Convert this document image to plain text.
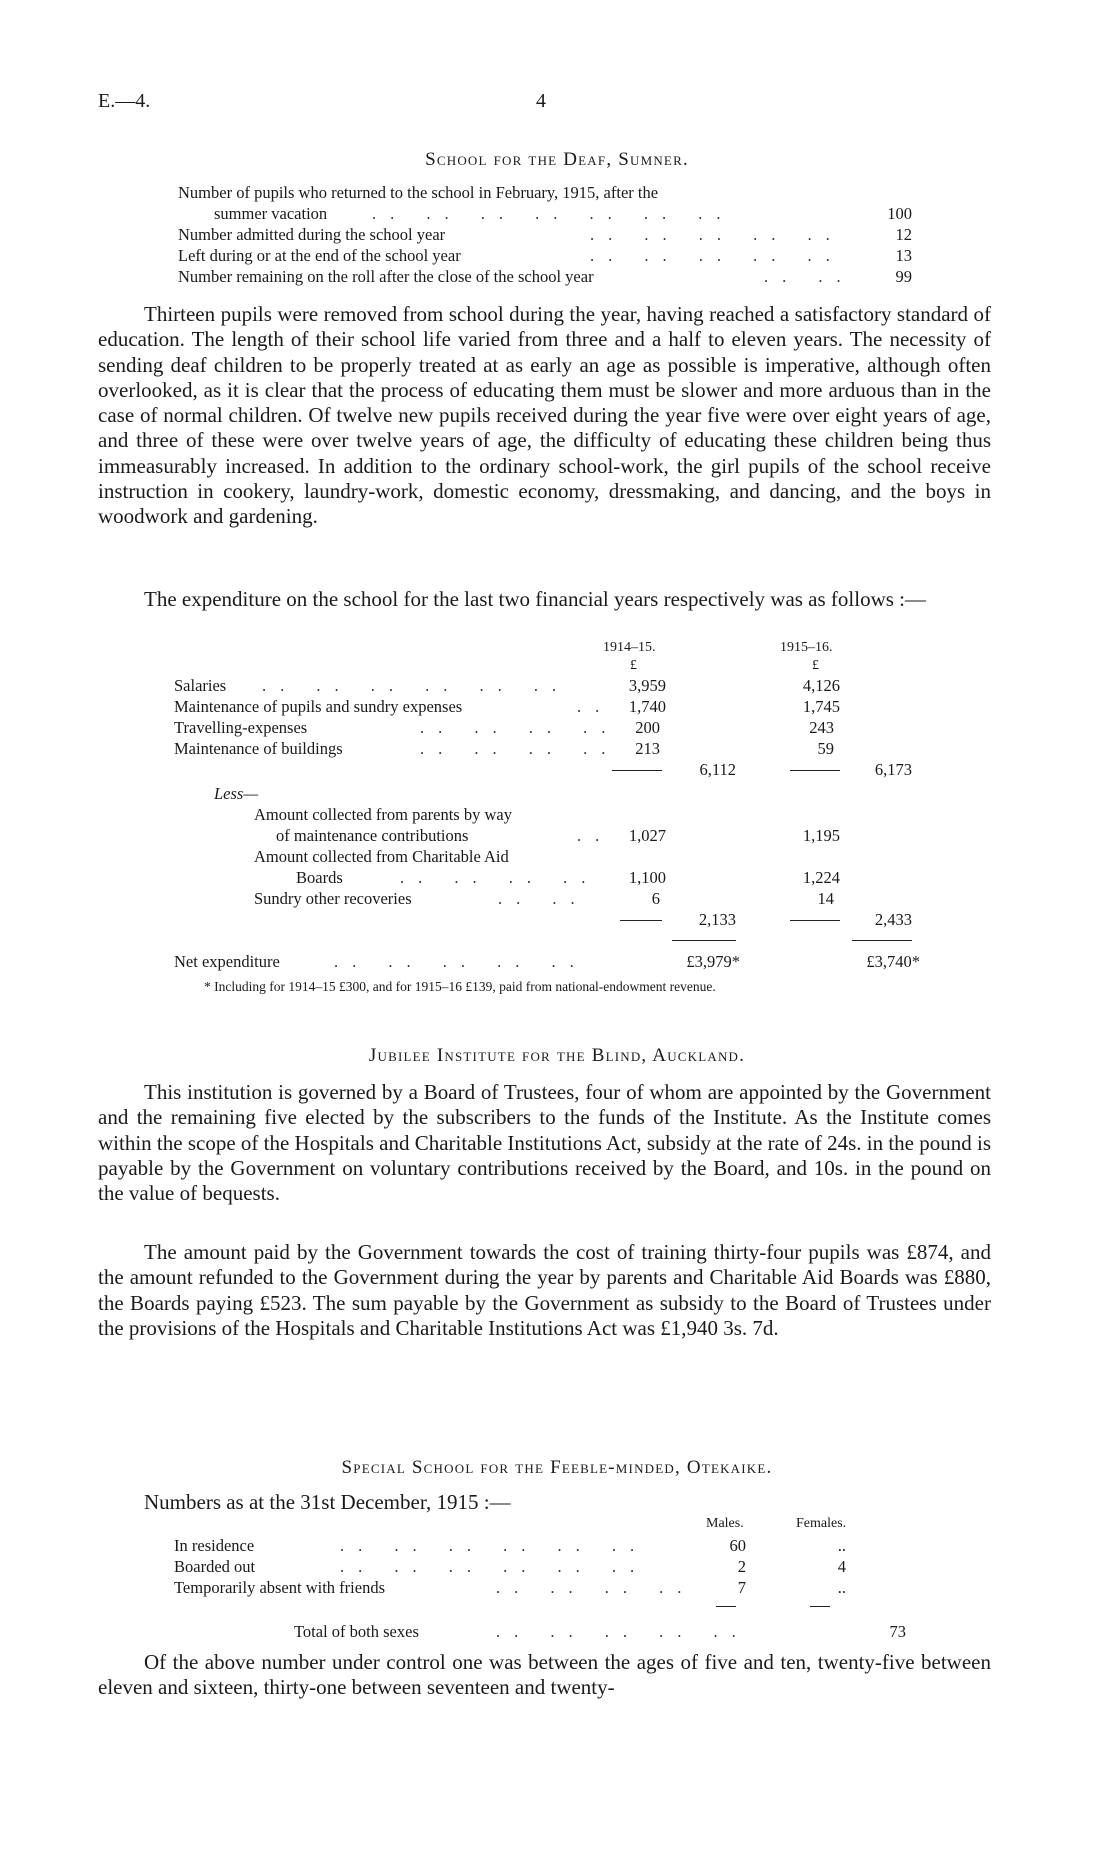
E.—4.	4
School for the Deaf, Sumner.
Number of pupils who returned to the school in February, 1915, after the
summer vacation	.. .. .. .. .. .. ..	100
Number admitted during the school year	.. .. .. .. ..	12
Left during or at the end of the school year	.. .. .. .. ..	13
Number remaining on the roll after the close of the school year	.. ..	99

Thirteen pupils were removed from school during the year, having reached a satisfactory standard of education. The length of their school life varied from three and a half to eleven years. The necessity of sending deaf children to be properly treated at as early an age as possible is imperative, although often overlooked, as it is clear that the process of educating them must be slower and more arduous than in the case of normal children. Of twelve new pupils received during the year five were over eight years of age, and three of these were over twelve years of age, the difficulty of educating these children being thus immeasurably increased. In addition to the ordinary school-work, the girl pupils of the school receive instruction in cookery, laundry-work, domestic economy, dressmaking, and dancing, and the boys in woodwork and gardening.

The expenditure on the school for the last two financial years respectively was as follows :—

1914–15.	1915–16.
£	£
Salaries .. .. .. .. .. ..	3,959	4,126
Maintenance of pupils and sundry expenses	.. 1,740	1,745
Travelling-expenses	.. .. .. .. 200	243
Maintenance of buildings	.. .. .. .. 213	59
6,112	6,173
Less—
Amount collected from parents by way
of maintenance contributions	.. 1,027	1,195
Amount collected from Charitable Aid
Boards	.. .. .. ..	1,100	1,224
Sundry other recoveries	.. ..	6	14
2,133	2,433
Net expenditure	.. .. .. .. ..	£3,979*	£3,740*
* Including for 1914–15 £300, and for 1915–16 £139, paid from national-endowment revenue.
Jubilee Institute for the Blind, Auckland.

This institution is governed by a Board of Trustees, four of whom are appointed by the Government and the remaining five elected by the subscribers to the funds of the Institute. As the Institute comes within the scope of the Hospitals and Charitable Institutions Act, subsidy at the rate of 24s. in the pound is payable by the Government on voluntary contributions received by the Board, and 10s. in the pound on the value of bequests.

The amount paid by the Government towards the cost of training thirty-four pupils was £874, and the amount refunded to the Government during the year by parents and Charitable Aid Boards was £880, the Boards paying £523. The sum payable by the Government as subsidy to the Board of Trustees under the provisions of the Hospitals and Charitable Institutions Act was £1,940 3s. 7d.

Special School for the Feeble-minded, Otekaike.
Numbers as at the 31st December, 1915 :—
Males.	Females.
In residence	.. .. .. .. .. ..	60	..
Boarded out	.. .. .. .. .. ..	2	4
Temporarily absent with friends	.. .. .. ..	7	..
Total of both sexes	.. .. .. .. ..	73

Of the above number under control one was between the ages of five and ten, twenty-five between eleven and sixteen, thirty-one between seventeen and twenty-
